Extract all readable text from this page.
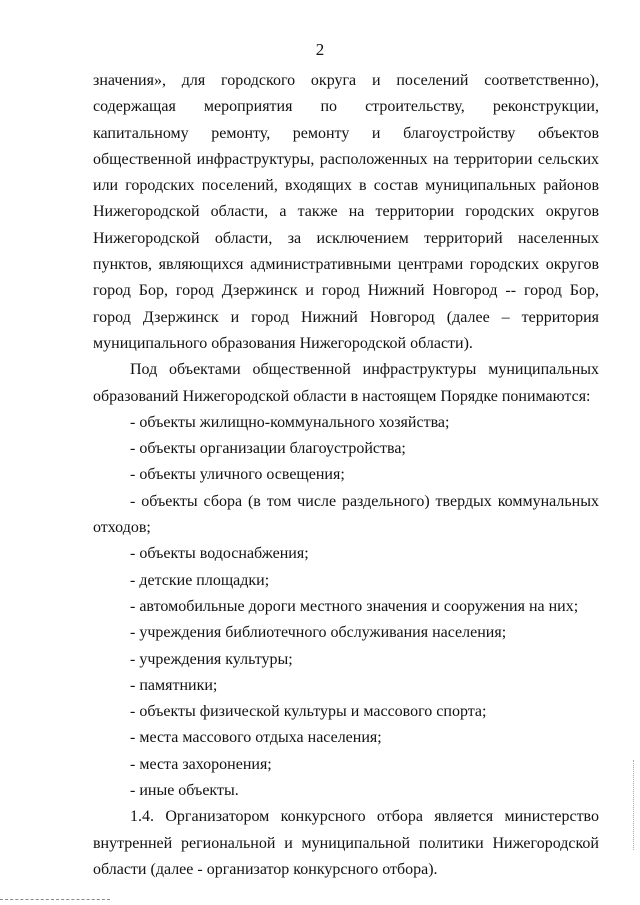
2

значения», для городского округа и поселений соответственно), содержащая мероприятия по строительству, реконструкции, капитальному ремонту, ремонту и благоустройству объектов общественной инфраструктуры, расположенных на территории сельских или городских поселений, входящих в состав муниципальных районов Нижегородской области, а также на территории городских округов Нижегородской области, за исключением территорий населенных пунктов, являющихся административными центрами городских округов город Бор, город Дзержинск и город Нижний Новгород -- город Бор, город Дзержинск и город Нижний Новгород (далее – территория муниципального образования Нижегородской области).

Под объектами общественной инфраструктуры муниципальных образований Нижегородской области в настоящем Порядке понимаются:

- объекты жилищно-коммунального хозяйства;
- объекты организации благоустройства;
- объекты уличного освещения;
- объекты сбора (в том числе раздельного) твердых коммунальных отходов;
- объекты водоснабжения;
- детские площадки;
- автомобильные дороги местного значения и сооружения на них;
- учреждения библиотечного обслуживания населения;
- учреждения культуры;
- памятники;
- объекты физической культуры и массового спорта;
- места массового отдыха населения;
- места захоронения;
- иные объекты.

1.4. Организатором конкурсного отбора является министерство внутренней региональной и муниципальной политики Нижегородской области (далее - организатор конкурсного отбора).
